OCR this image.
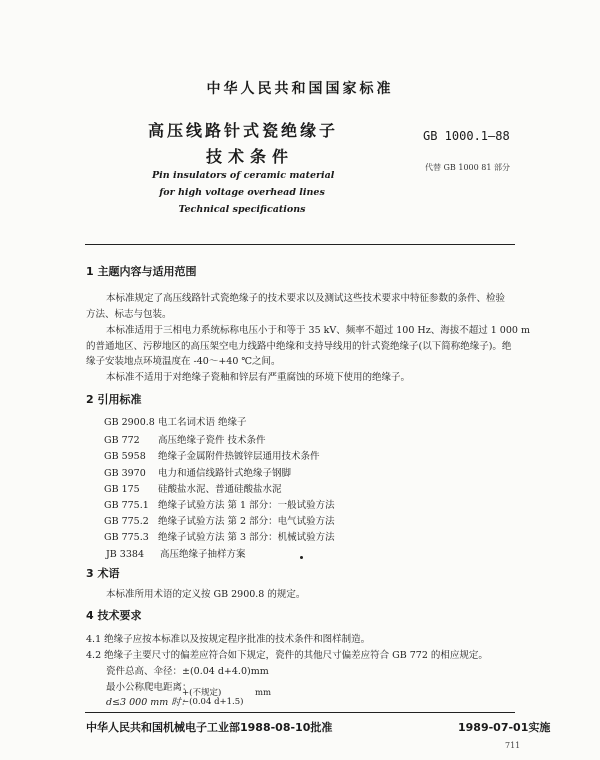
中华人民共和国国家标准
高压线路针式瓷绝缘子
技术条件
GB 1000.1—88
代替 GB 1000 81 部分
Pin insulators of ceramic material
for high voltage overhead lines
Technical specifications
1 主题内容与适用范围
本标准规定了高压线路针式瓷绝缘子的技术要求以及测试这些技术要求中特征参数的条件、检验
方法、标志与包装。
本标准适用于三相电力系统标称电压小于和等于 35 kV、频率不超过 100 Hz、海拔不超过 1 000 m
的普通地区、污秽地区的高压架空电力线路中绝缘和支持导线用的针式瓷绝缘子(以下简称绝缘子)。绝
缘子安装地点环境温度在 -40～+40 ℃之间。
本标准不适用于对绝缘子瓷釉和锌层有严重腐蚀的环境下使用的绝缘子。
2 引用标准
GB 2900.8 电工名词术语 绝缘子
GB 772 高压绝缘子瓷件 技术条件
GB 5958 绝缘子金属附件热镀锌层通用技术条件
GB 3970 电力和通信线路针式绝缘子钢脚
GB 175 硅酸盐水泥、普通硅酸盐水泥
GB 775.1 绝缘子试验方法 第 1 部分：一般试验方法
GB 775.2 绝缘子试验方法 第 2 部分：电气试验方法
GB 775.3 绝缘子试验方法 第 3 部分：机械试验方法
JB 3384 高压绝缘子抽样方案
3 术语
本标准所用术语的定义按 GB 2900.8 的规定。
4 技术要求
4.1 绝缘子应按本标准以及按规定程序批准的技术条件和图样制造。
4.2 绝缘子主要尺寸的偏差应符合如下规定，瓷件的其他尺寸偏差应符合 GB 772 的相应规定。
瓷件总高、伞径：±(0.04 d+4.0)mm
最小公称爬电距离：
d≤3 000 mm 时：
+(不规定)
−(0.04 d+1.5)
mm
中华人民共和国机械电子工业部1988-08-10批准	1989-07-01实施
711
